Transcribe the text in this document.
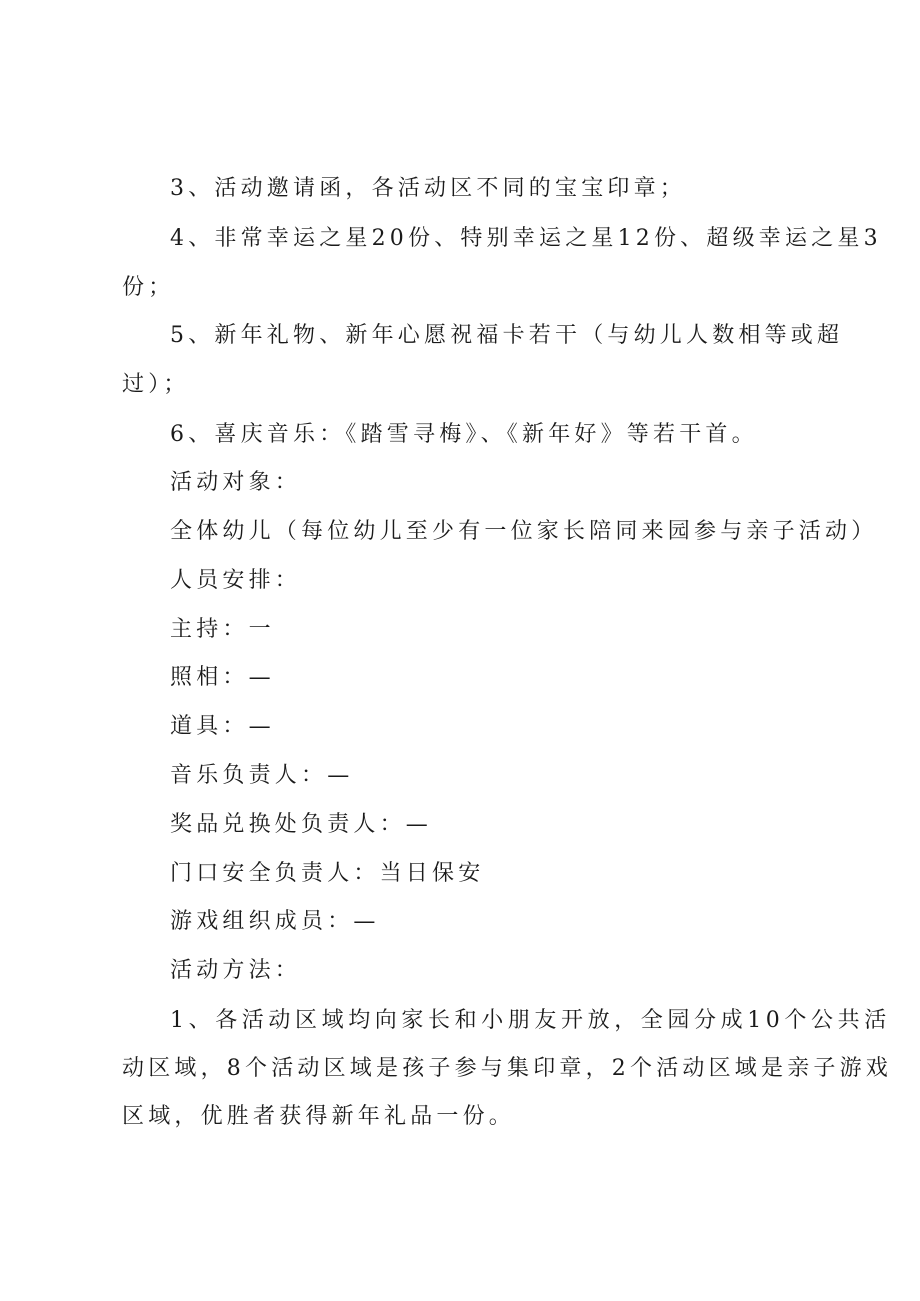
3、活动邀请函，各活动区不同的宝宝印章；
4、非常幸运之星20份、特别幸运之星12份、超级幸运之星3
份；
5、新年礼物、新年心愿祝福卡若干（与幼儿人数相等或超
过）；
6、喜庆音乐：《踏雪寻梅》、《新年好》等若干首。
活动对象：
全体幼儿（每位幼儿至少有一位家长陪同来园参与亲子活动）
人员安排：
主持：一
照相：—
道具：—
音乐负责人：—
奖品兑换处负责人：—
门口安全负责人：当日保安
游戏组织成员：—
活动方法：
1、各活动区域均向家长和小朋友开放，全园分成10个公共活
动区域，8个活动区域是孩子参与集印章，2个活动区域是亲子游戏
区域，优胜者获得新年礼品一份。
